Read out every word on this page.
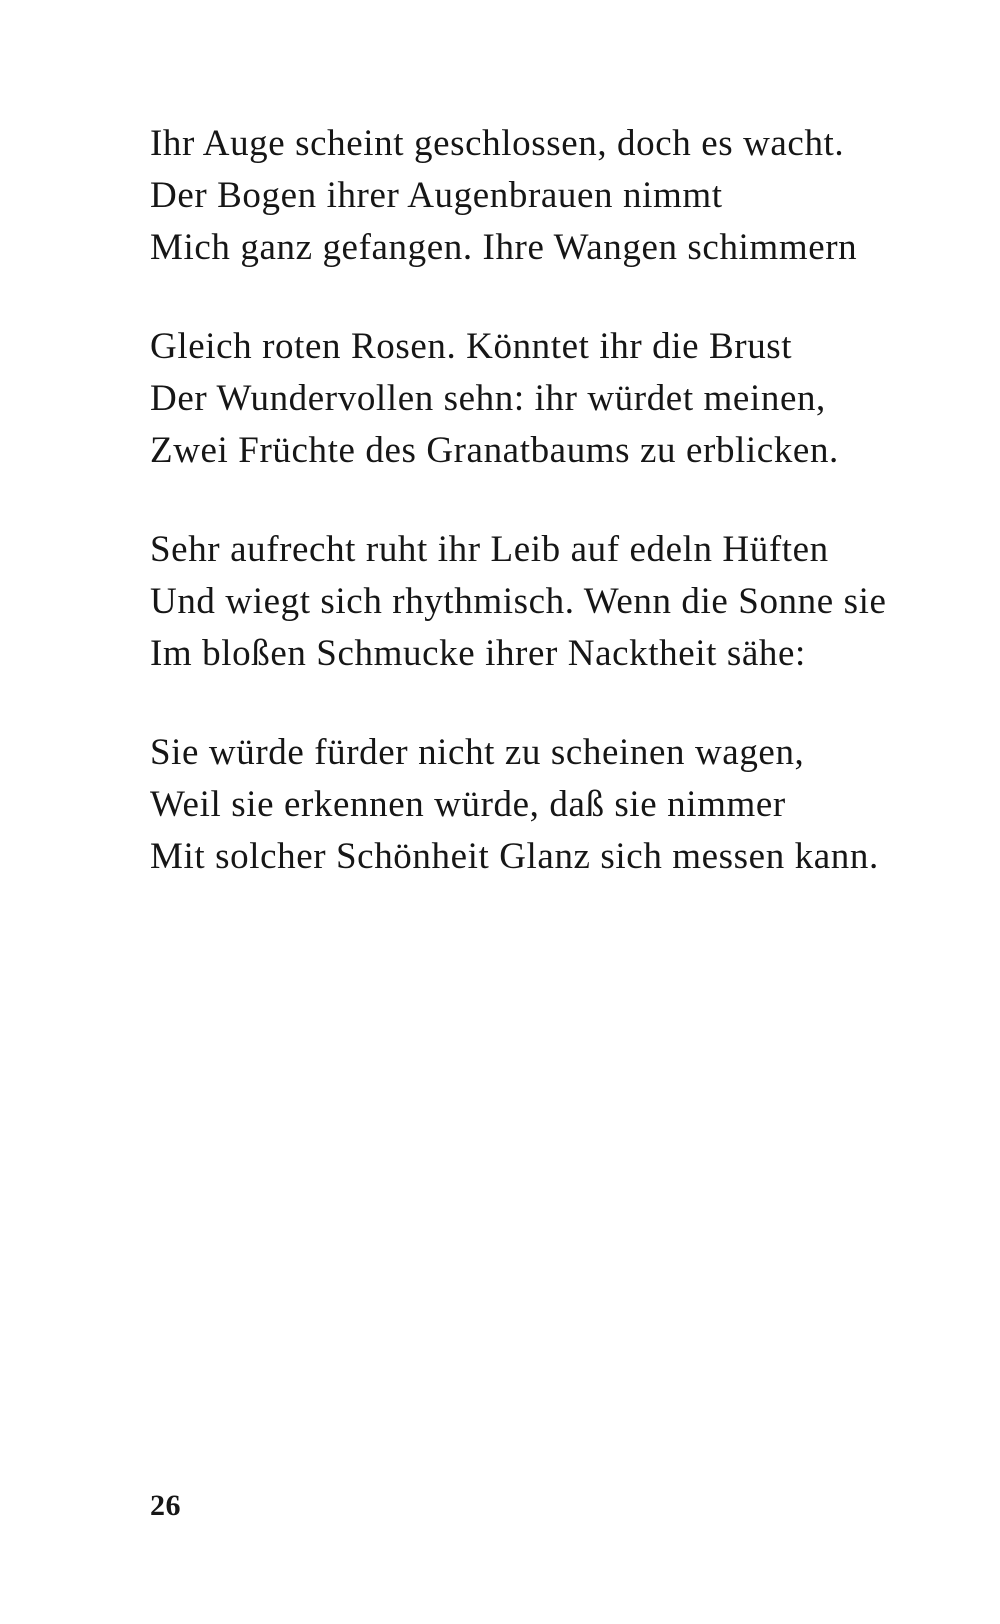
Ihr Auge scheint geschlossen, doch es wacht.
Der Bogen ihrer Augenbrauen nimmt
Mich ganz gefangen. Ihre Wangen schimmern
Gleich roten Rosen. Könntet ihr die Brust
Der Wundervollen sehn: ihr würdet meinen,
Zwei Früchte des Granatbaums zu erblicken.
Sehr aufrecht ruht ihr Leib auf edeln Hüften
Und wiegt sich rhythmisch. Wenn die Sonne sie
Im bloßen Schmucke ihrer Nacktheit sähe:
Sie würde fürder nicht zu scheinen wagen,
Weil sie erkennen würde, daß sie nimmer
Mit solcher Schönheit Glanz sich messen kann.
26
